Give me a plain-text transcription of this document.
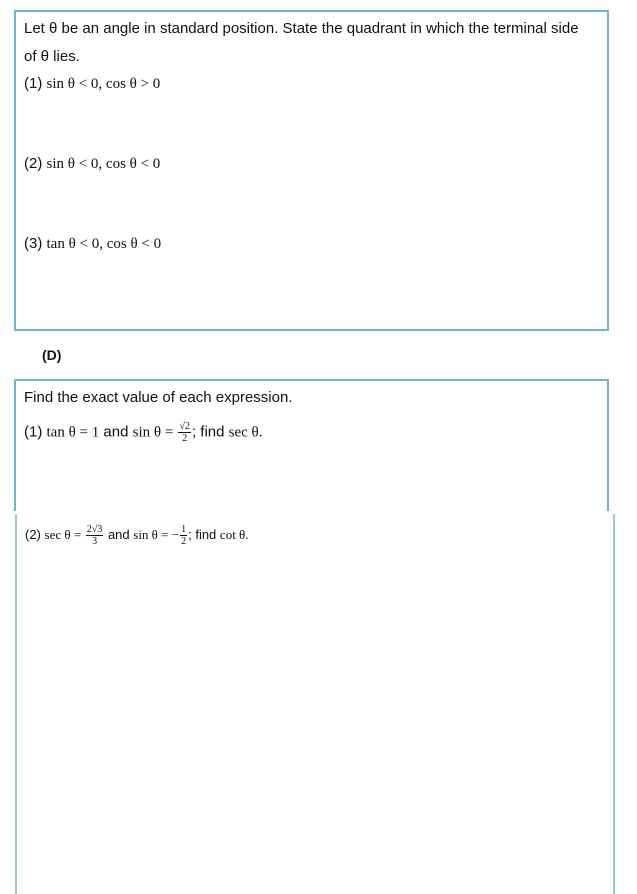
Let θ be an angle in standard position. State the quadrant in which the terminal side
of θ lies.
(1) sin θ < 0, cos θ > 0
(2) sin θ < 0, cos θ < 0
(3) tan θ < 0, cos θ < 0
(D)
Find the exact value of each expression.
(1) tan θ = 1 and $\sin \theta = \frac{√2}{2}$ ; find sec θ.
(2) $\sec \theta = \frac{2√3}{3}$ and sin θ = − $\frac{1}{2}$ ; find cot θ.
